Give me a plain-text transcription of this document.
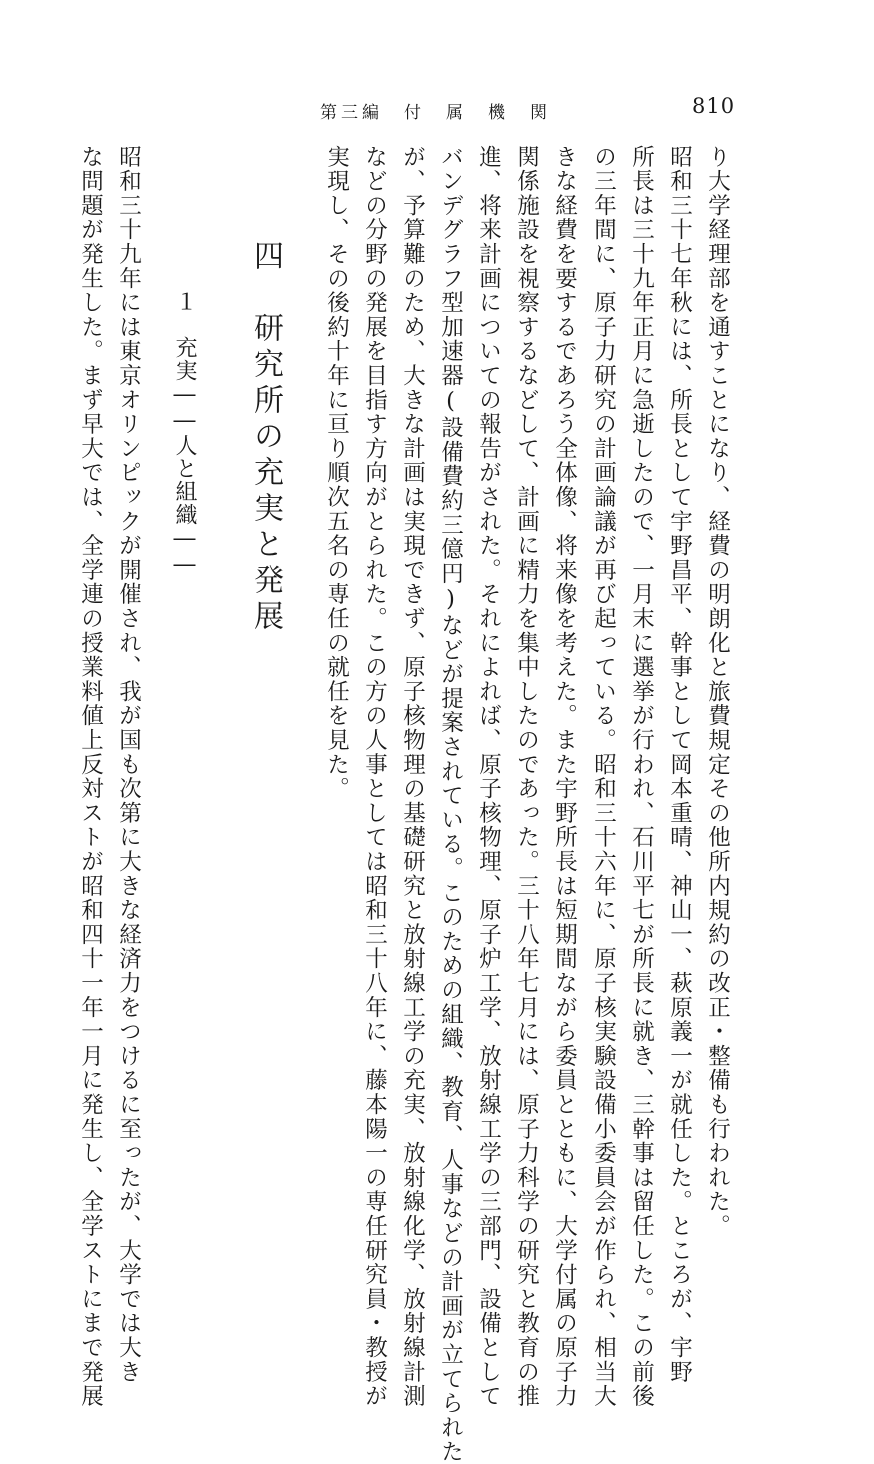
第三編　付　属　機　関	810
り大学経理部を通すことになり、経費の明朗化と旅費規定その他所内規約の改正・整備も行われた。
昭和三十七年秋には、所長として宇野昌平、幹事として岡本重晴、神山一、萩原義一が就任した。ところが、宇野
所長は三十九年正月に急逝したので、一月末に選挙が行われ、石川平七が所長に就き、三幹事は留任した。この前後
の三年間に、原子力研究の計画論議が再び起っている。昭和三十六年に、原子核実験設備小委員会が作られ、相当大
きな経費を要するであろう全体像、将来像を考えた。また宇野所長は短期間ながら委員とともに、大学付属の原子力
関係施設を視察するなどして、計画に精力を集中したのであった。三十八年七月には、原子力科学の研究と教育の推
進、将来計画についての報告がされた。それによれば、原子核物理、原子炉工学、放射線工学の三部門、設備として
バンデグラフ型加速器(設備費約三億円)などが提案されている。このための組織、教育、人事などの計画が立てられた
が、予算難のため、大きな計画は実現できず、原子核物理の基礎研究と放射線工学の充実、放射線化学、放射線計測
などの分野の発展を目指す方向がとられた。この方の人事としては昭和三十八年に、藤本陽一の専任研究員・教授が
実現し、その後約十年に亘り順次五名の専任の就任を見た。
四　研究所の充実と発展
１　充実――人と組織――
昭和三十九年には東京オリンピックが開催され、我が国も次第に大きな経済力をつけるに至ったが、大学では大き
な問題が発生した。まず早大では、全学連の授業料値上反対ストが昭和四十一年一月に発生し、全学ストにまで発展
